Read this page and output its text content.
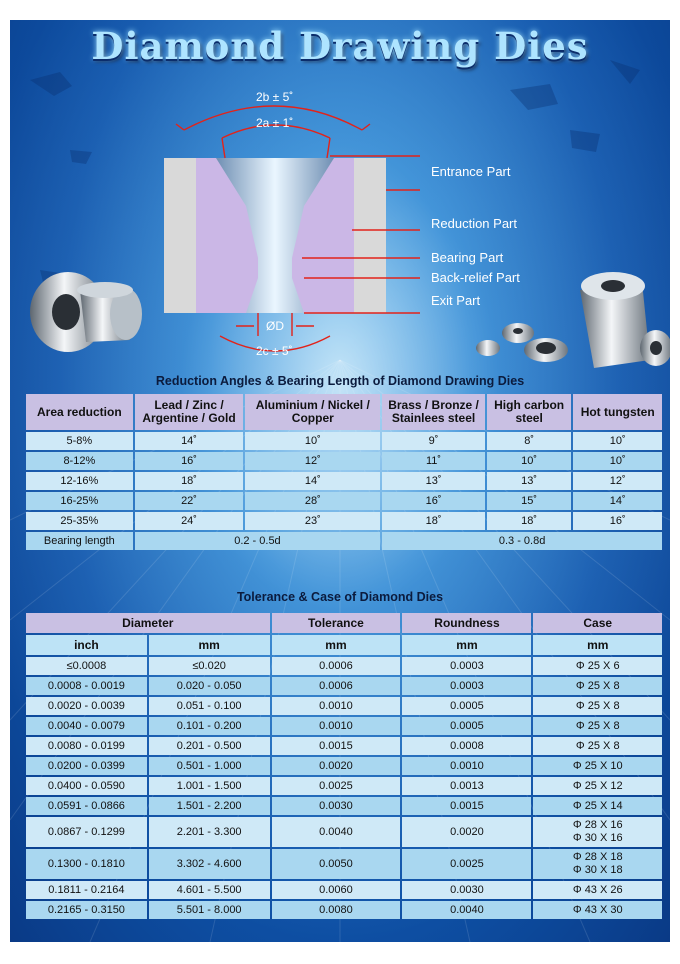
Diamond Drawing Dies
2b ± 5˚
2a ± 1˚
ØD
2c ± 5˚
Entrance Part
Reduction Part
Bearing Part
Back-relief Part
Exit Part
Reduction Angles & Bearing Length of Diamond Drawing Dies
Area reduction	Lead / Zinc / Argentine / Gold	Aluminium / Nickel / Copper	Brass / Bronze / Stainlees steel	High carbon steel	Hot tungsten
5-8%	14˚	10˚	9˚	8˚	10˚
8-12%	16˚	12˚	11˚	10˚	10˚
12-16%	18˚	14˚	13˚	13˚	12˚
16-25%	22˚	28˚	16˚	15˚	14˚
25-35%	24˚	23˚	18˚	18˚	16˚
Bearing length	0.2 - 0.5d		0.3 - 0.8d		
Tolerance & Case of Diamond Dies
Diameter		Tolerance	Roundness	Case
inch	mm	mm	mm	mm
≤0.0008	≤0.020	0.0006	0.0003	Φ 25 X 6
0.0008 - 0.0019	0.020 - 0.050	0.0006	0.0003	Φ 25 X 8
0.0020 - 0.0039	0.051 - 0.100	0.0010	0.0005	Φ 25 X 8
0.0040 - 0.0079	0.101 - 0.200	0.0010	0.0005	Φ 25 X 8
0.0080 - 0.0199	0.201 - 0.500	0.0015	0.0008	Φ 25 X 8
0.0200 - 0.0399	0.501 - 1.000	0.0020	0.0010	Φ 25 X 10
0.0400 - 0.0590	1.001 - 1.500	0.0025	0.0013	Φ 25 X 12
0.0591 - 0.0866	1.501 - 2.200	0.0030	0.0015	Φ 25 X 14
0.0867 - 0.1299	2.201 - 3.300	0.0040	0.0020	Φ 28 X 16
Φ 30 X 16
0.1300 - 0.1810	3.302 - 4.600	0.0050	0.0025	Φ 28 X 18
Φ 30 X 18
0.1811 - 0.2164	4.601 - 5.500	0.0060	0.0030	Φ 43 X 26
0.2165 - 0.3150	5.501 - 8.000	0.0080	0.0040	Φ 43 X 30
